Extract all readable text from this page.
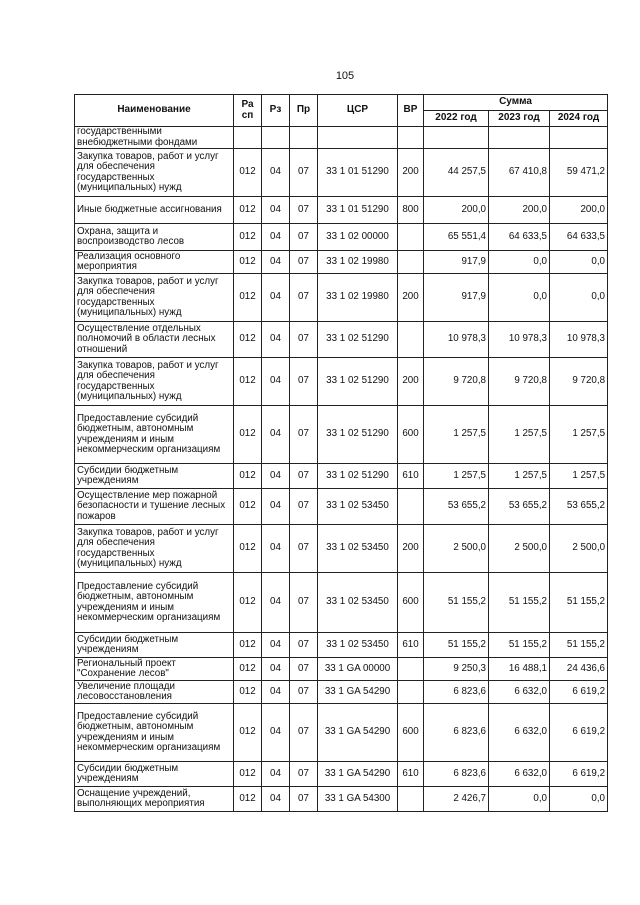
105
Наименование	Ра сп	Рз	Пр	ЦСР	ВР	Сумма		
						2022 год	2023 год	2024 год
государственными внебюджетными фондами								
Закупка товаров, работ и услуг для обеспечения государственных (муниципальных) нужд	012	04	07	33 1 01 51290	200	44 257,5	67 410,8	59 471,2
Иные бюджетные ассигнования	012	04	07	33 1 01 51290	800	200,0	200,0	200,0
Охрана, защита и воспроизводство лесов	012	04	07	33 1 02 00000		65 551,4	64 633,5	64 633,5
Реализация основного мероприятия	012	04	07	33 1 02 19980		917,9	0,0	0,0
Закупка товаров, работ и услуг для обеспечения государственных (муниципальных) нужд	012	04	07	33 1 02 19980	200	917,9	0,0	0,0
Осуществление отдельных полномочий в области лесных отношений	012	04	07	33 1 02 51290		10 978,3	10 978,3	10 978,3
Закупка товаров, работ и услуг для обеспечения государственных (муниципальных) нужд	012	04	07	33 1 02 51290	200	9 720,8	9 720,8	9 720,8
Предоставление субсидий бюджетным, автономным учреждениям и иным некоммерческим организациям	012	04	07	33 1 02 51290	600	1 257,5	1 257,5	1 257,5
Субсидии бюджетным учреждениям	012	04	07	33 1 02 51290	610	1 257,5	1 257,5	1 257,5
Осуществление мер пожарной безопасности и тушение лесных пожаров	012	04	07	33 1 02 53450		53 655,2	53 655,2	53 655,2
Закупка товаров, работ и услуг для обеспечения государственных (муниципальных) нужд	012	04	07	33 1 02 53450	200	2 500,0	2 500,0	2 500,0
Предоставление субсидий бюджетным, автономным учреждениям и иным некоммерческим организациям	012	04	07	33 1 02 53450	600	51 155,2	51 155,2	51 155,2
Субсидии бюджетным учреждениям	012	04	07	33 1 02 53450	610	51 155,2	51 155,2	51 155,2
Региональный проект "Сохранение лесов"	012	04	07	33 1 GA 00000		9 250,3	16 488,1	24 436,6
Увеличение площади лесовосстановления	012	04	07	33 1 GA 54290		6 823,6	6 632,0	6 619,2
Предоставление субсидий бюджетным, автономным учреждениям и иным некоммерческим организациям	012	04	07	33 1 GA 54290	600	6 823,6	6 632,0	6 619,2
Субсидии бюджетным учреждениям	012	04	07	33 1 GA 54290	610	6 823,6	6 632,0	6 619,2
Оснащение учреждений, выполняющих мероприятия	012	04	07	33 1 GA 54300		2 426,7	0,0	0,0
